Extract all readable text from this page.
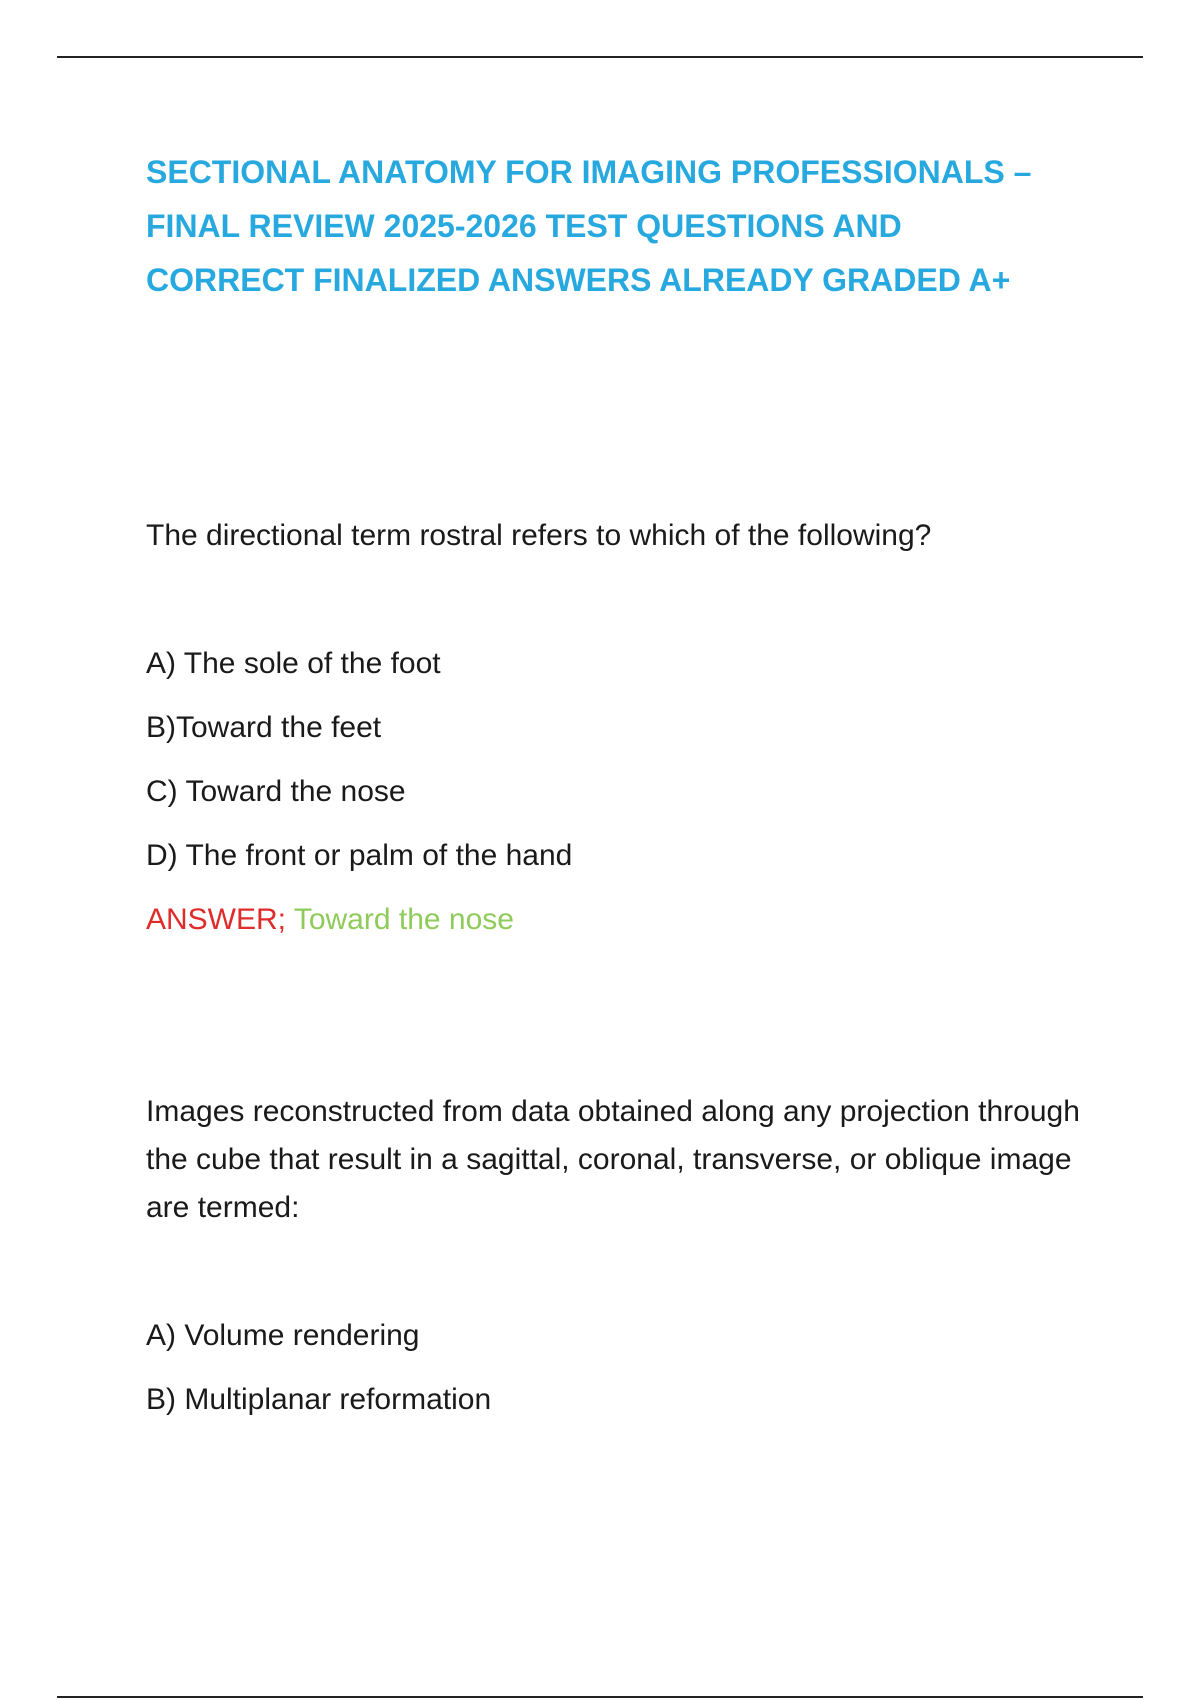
SECTIONAL ANATOMY FOR IMAGING PROFESSIONALS –
FINAL REVIEW 2025-2026 TEST QUESTIONS AND
CORRECT FINALIZED ANSWERS ALREADY GRADED A+

The directional term rostral refers to which of the following?

A) The sole of the foot

B)Toward the feet

C) Toward the nose

D) The front or palm of the hand

ANSWER; Toward the nose

Images reconstructed from data obtained along any projection through the cube that result in a sagittal, coronal, transverse, or oblique image are termed:

A) Volume rendering

B) Multiplanar reformation
